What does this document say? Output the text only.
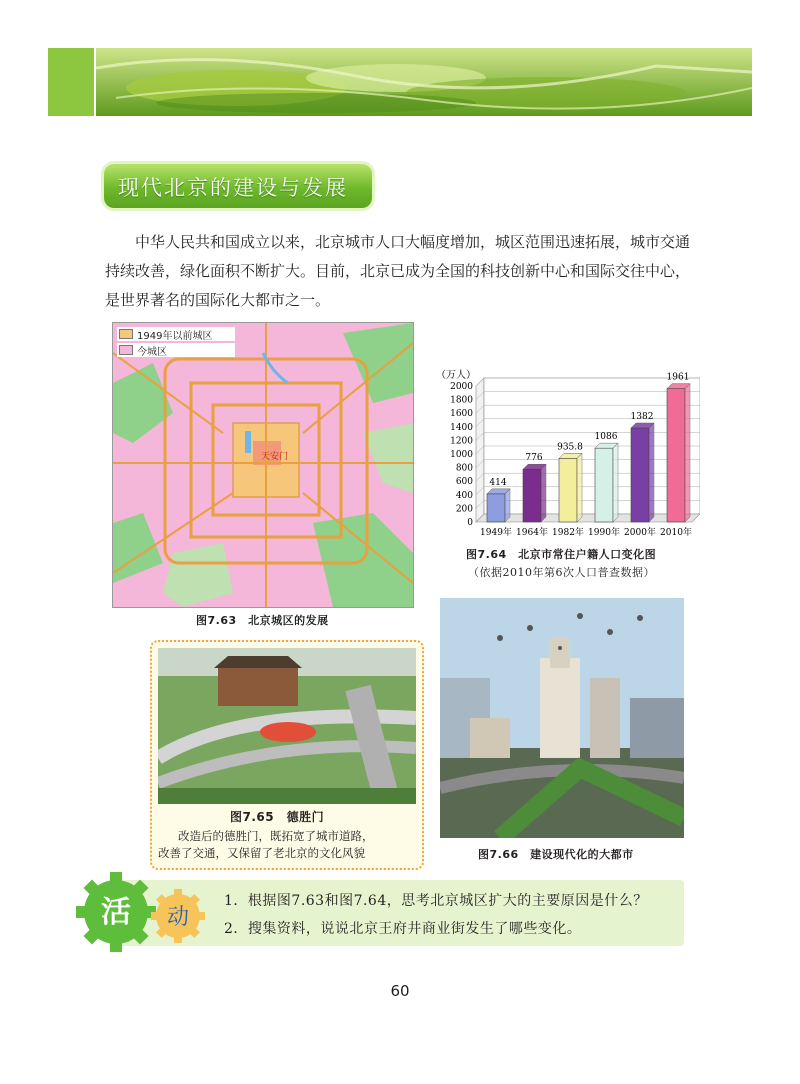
现代北京的建设与发展
中华人民共和国成立以来，北京城市人口大幅度增加，城区范围迅速拓展，城市交通持续改善，绿化面积不断扩大。目前，北京已成为全国的科技创新中心和国际交往中心，是世界著名的国际化大都市之一。
1949年以前城区
今城区
天安门
图7.63　北京城区的发展
（万人）
0
200
400
600
800
1000
1200
1400
1600
1800
2000
414
1949年
776
1964年
935.8
1982年
1086
1990年
1382
2000年
1961
2010年
图7.64　北京市常住户籍人口变化图
（依据2010年第6次人口普查数据）
图7.65　德胜门
改造后的德胜门，既拓宽了城市道路，
改善了交通，又保留了老北京的文化风貌	图7.66　建设现代化的大都市
活 动
1．根据图7.63和图7.64，思考北京城区扩大的主要原因是什么？
2．搜集资料，说说北京王府井商业街发生了哪些变化。
60
